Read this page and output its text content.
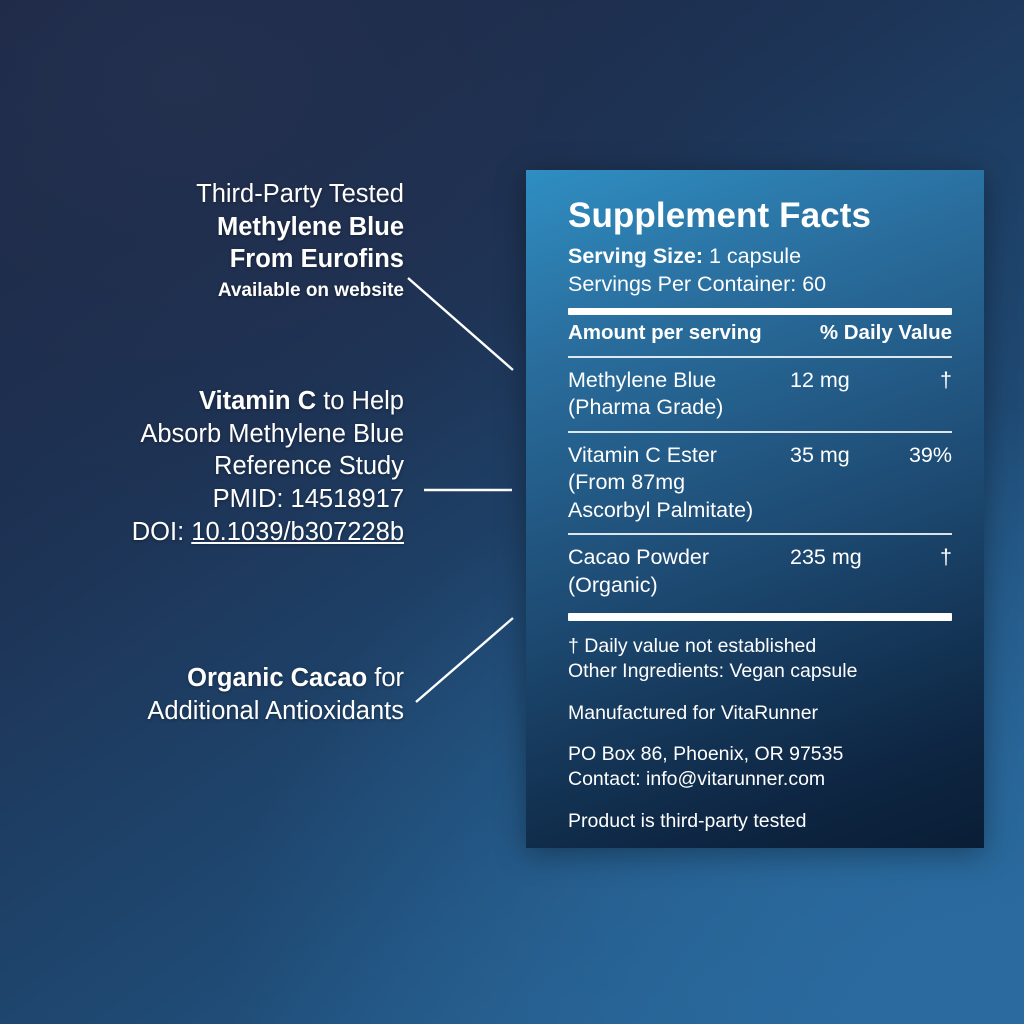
Third-Party Tested
Methylene Blue
From Eurofins
Available on website
Vitamin C to Help
Absorb Methylene Blue
Reference Study
PMID: 14518917
DOI: 10.1039/b307228b
Organic Cacao for
Additional Antioxidants
Supplement Facts
Serving Size: 1 capsule
Servings Per Container: 60
Amount per serving	% Daily Value
Methylene Blue
(Pharma Grade)
12 mg	†
Vitamin C Ester
(From 87mg
Ascorbyl Palmitate)
35 mg	39%
Cacao Powder
(Organic)
235 mg	†

† Daily value not established
Other Ingredients: Vegan capsule

Manufactured for VitaRunner

PO Box 86, Phoenix, OR 97535
Contact: info@vitarunner.com

Product is third-party tested
